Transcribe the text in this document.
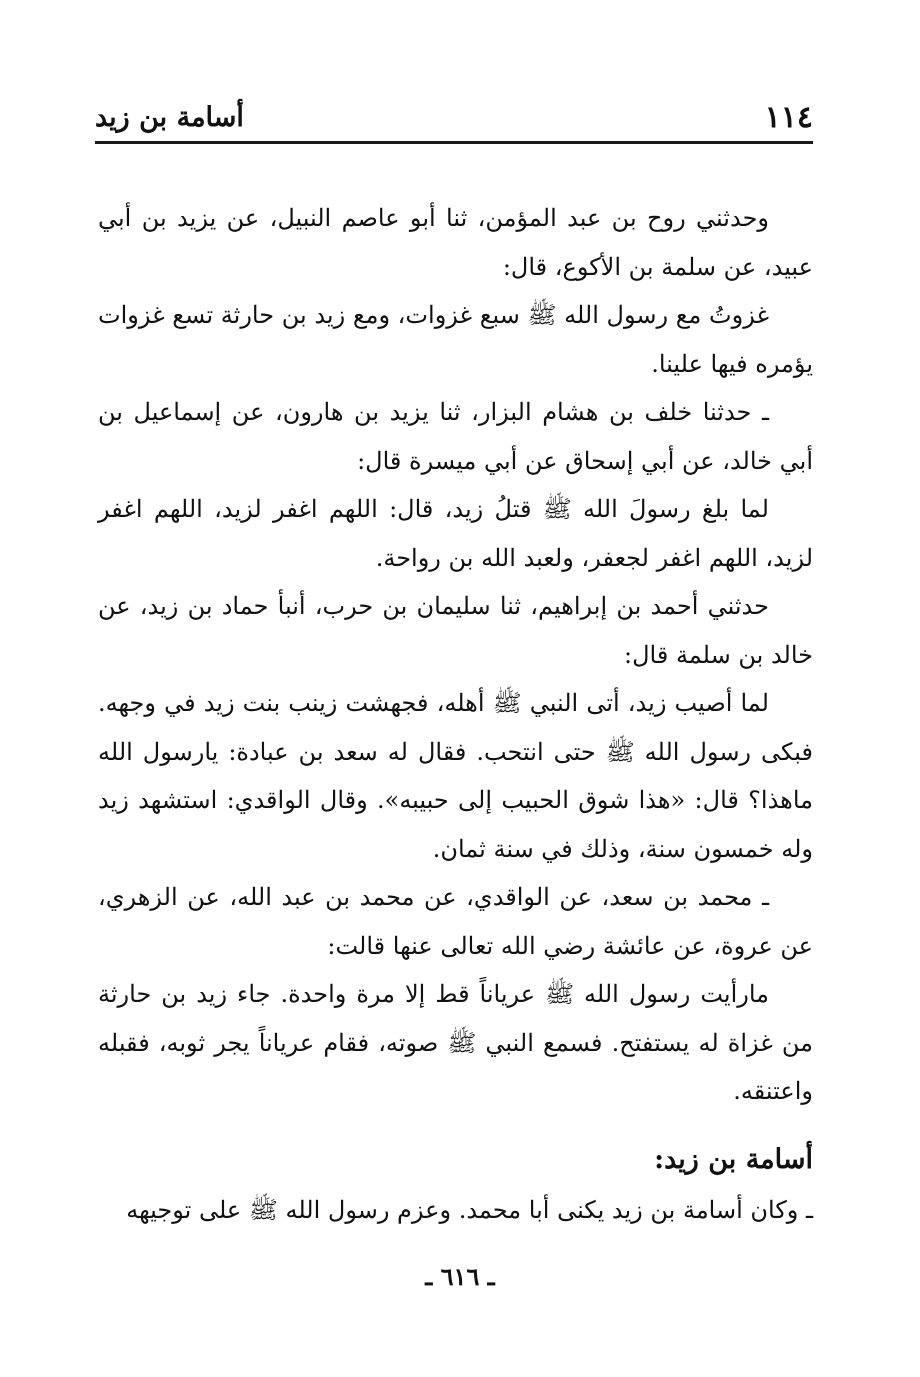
١١٤
أسامة بن زيد

وحدثني روح بن عبد المؤمن، ثنا أبو عاصم النبيل، عن يزيد بن أبي عبيد، عن سلمة بن الأكوع، قال:

غزوتُ مع رسول الله ﷺ سبع غزوات، ومع زيد بن حارثة تسع غزوات يؤمره فيها علينا.

ـ حدثنا خلف بن هشام البزار، ثنا يزيد بن هارون، عن إسماعيل بن أبي خالد، عن أبي إسحاق عن أبي ميسرة قال:

لما بلغ رسولَ الله ﷺ قتلُ زيد، قال: اللهم اغفر لزيد، اللهم اغفر لزيد، اللهم اغفر لجعفر، ولعبد الله بن رواحة.

حدثني أحمد بن إبراهيم، ثنا سليمان بن حرب، أنبأ حماد بن زيد، عن خالد بن سلمة قال:

لما أصيب زيد، أتى النبي ﷺ أهله، فجهشت زينب بنت زيد في وجهه. فبكى رسول الله ﷺ حتى انتحب. فقال له سعد بن عبادة: يارسول الله ماهذا؟ قال: «هذا شوق الحبيب إلى حبيبه». وقال الواقدي: استشهد زيد وله خمسون سنة، وذلك في سنة ثمان.

ـ محمد بن سعد، عن الواقدي، عن محمد بن عبد الله، عن الزهري، عن عروة، عن عائشة رضي الله تعالى عنها قالت:

مارأيت رسول الله ﷺ عرياناً قط إلا مرة واحدة. جاء زيد بن حارثة من غزاة له يستفتح. فسمع النبي ﷺ صوته، فقام عرياناً يجر ثوبه، فقبله واعتنقه.

أسامة بن زيد:

ـ وكان أسامة بن زيد يكنى أبا محمد. وعزم رسول الله ﷺ على توجيهه

ـ ٦١٦ ـ
